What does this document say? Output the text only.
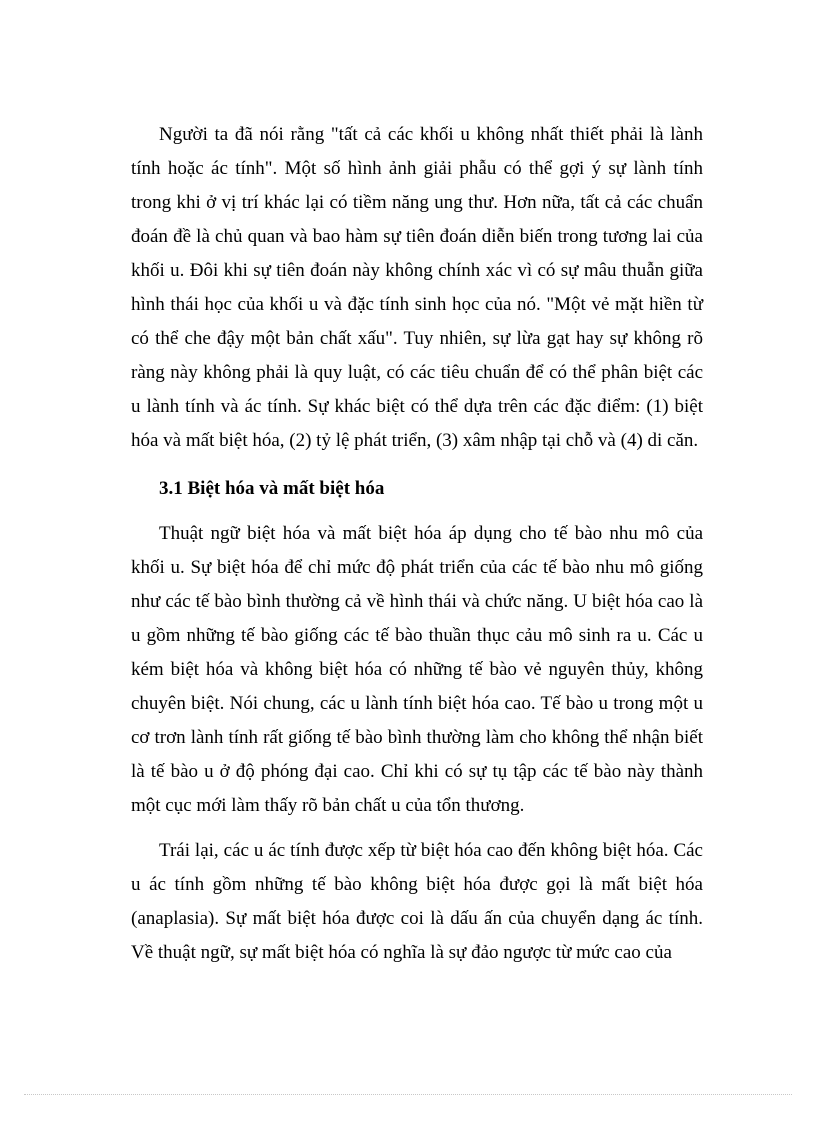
Người ta đã nói rằng "tất cả các khối u không nhất thiết phải là lành tính hoặc ác tính". Một số hình ảnh giải phẫu có thể gợi ý sự lành tính trong khi ở vị trí khác lại có tiềm năng ung thư. Hơn nữa, tất cả các chuẩn đoán đề là chủ quan và bao hàm sự tiên đoán diễn biến trong tương lai của khối u. Đôi khi sự tiên đoán này không chính xác vì có sự mâu thuẫn giữa hình thái học của khối u và đặc tính sinh học của nó. "Một vẻ mặt hiền từ có thể che đậy một bản chất xấu". Tuy nhiên, sự lừa gạt hay sự không rõ ràng này không phải là quy luật, có các tiêu chuẩn để có thể phân biệt các u lành tính và ác tính. Sự khác biệt có thể dựa trên các đặc điểm: (1) biệt hóa và mất biệt hóa, (2) tỷ lệ phát triển, (3) xâm nhập tại chỗ và (4) di căn.

3.1 Biệt hóa và mất biệt hóa

Thuật ngữ biệt hóa và mất biệt hóa áp dụng cho tế bào nhu mô của khối u. Sự biệt hóa để chỉ mức độ phát triển của các tế bào nhu mô giống như các tế bào bình thường cả về hình thái và chức năng. U biệt hóa cao là u gồm những tế bào giống các tế bào thuần thục cảu mô sinh ra u. Các u kém biệt hóa và không biệt hóa có những tế bào vẻ nguyên thủy, không chuyên biệt. Nói chung, các u lành tính biệt hóa cao. Tế bào u trong một u cơ trơn lành tính rất giống tế bào bình thường làm cho không thể nhận biết là tế bào u ở độ phóng đại cao. Chỉ khi có sự tụ tập các tế bào này thành một cục mới làm thấy rõ bản chất u của tổn thương.

Trái lại, các u ác tính được xếp từ biệt hóa cao đến không biệt hóa. Các u ác tính gồm những tế bào không biệt hóa được gọi là mất biệt hóa (anaplasia). Sự mất biệt hóa được coi là dấu ấn của chuyển dạng ác tính. Về thuật ngữ, sự mất biệt hóa có nghĩa là sự đảo ngược từ mức cao của
